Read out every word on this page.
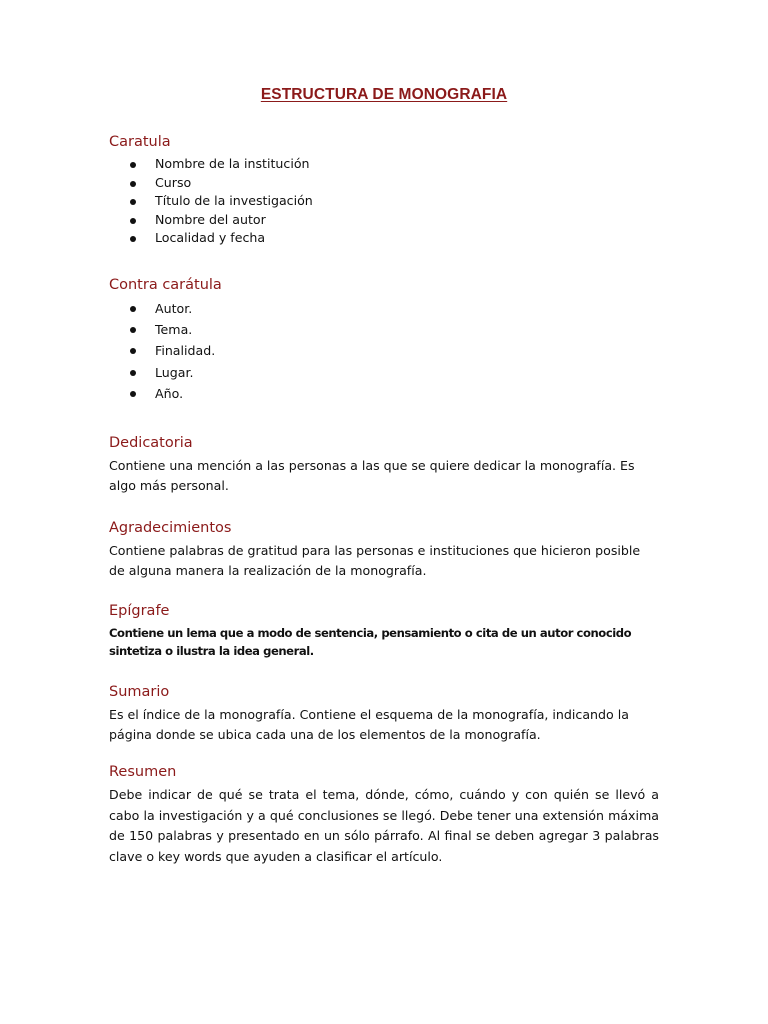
ESTRUCTURA DE MONOGRAFIA
Caratula
Nombre de la institución
Curso
Título de la investigación
Nombre del autor
Localidad y fecha
Contra carátula
Autor.
Tema.
Finalidad.
Lugar.
Año.
Dedicatoria

Contiene una mención a las personas a las que se quiere dedicar la monografía. Es algo más personal.

Agradecimientos

Contiene palabras de gratitud para las personas e instituciones que hicieron posible de alguna manera la realización de la monografía.

Epígrafe

Contiene un lema que a modo de sentencia, pensamiento o cita de un autor conocido sintetiza o ilustra la idea general.

Sumario

Es el índice de la monografía. Contiene el esquema de la monografía, indicando la página donde se ubica cada una de los elementos de la monografía.

Resumen

Debe indicar de qué se trata el tema, dónde, cómo, cuándo y con quién se llevó a cabo la investigación y a qué conclusiones se llegó. Debe tener una extensión máxima de 150 palabras y presentado en un sólo párrafo. Al final se deben agregar 3 palabras clave o key words que ayuden a clasificar el artículo.
